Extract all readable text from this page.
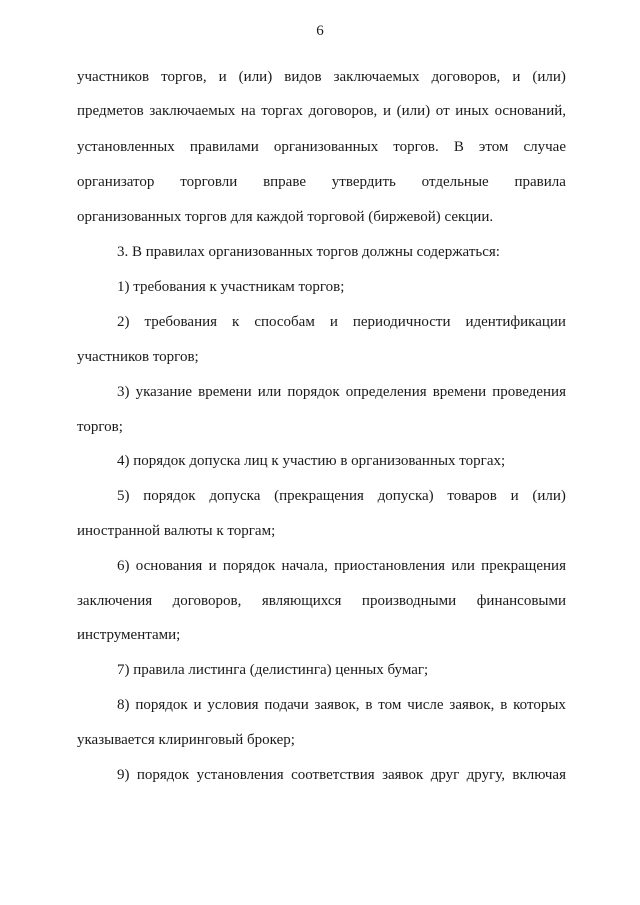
6
участников торгов, и (или) видов заключаемых договоров, и (или)
предметов заключаемых на торгах договоров, и (или) от иных оснований,
установленных правилами организованных торгов. В этом случае
организатор торговли вправе утвердить отдельные правила
организованных торгов для каждой торговой (биржевой) секции.
3. В правилах организованных торгов должны содержаться:
1) требования к участникам торгов;
2) требования к способам и периодичности идентификации
участников торгов;
3) указание времени или порядок определения времени проведения
торгов;
4) порядок допуска лиц к участию в организованных торгах;
5) порядок допуска (прекращения допуска) товаров и (или)
иностранной валюты к торгам;
6) основания и порядок начала, приостановления или прекращения
заключения договоров, являющихся производными финансовыми
инструментами;
7) правила листинга (делистинга) ценных бумаг;
8) порядок и условия подачи заявок, в том числе заявок, в которых
указывается клиринговый брокер;
9) порядок установления соответствия заявок друг другу, включая
